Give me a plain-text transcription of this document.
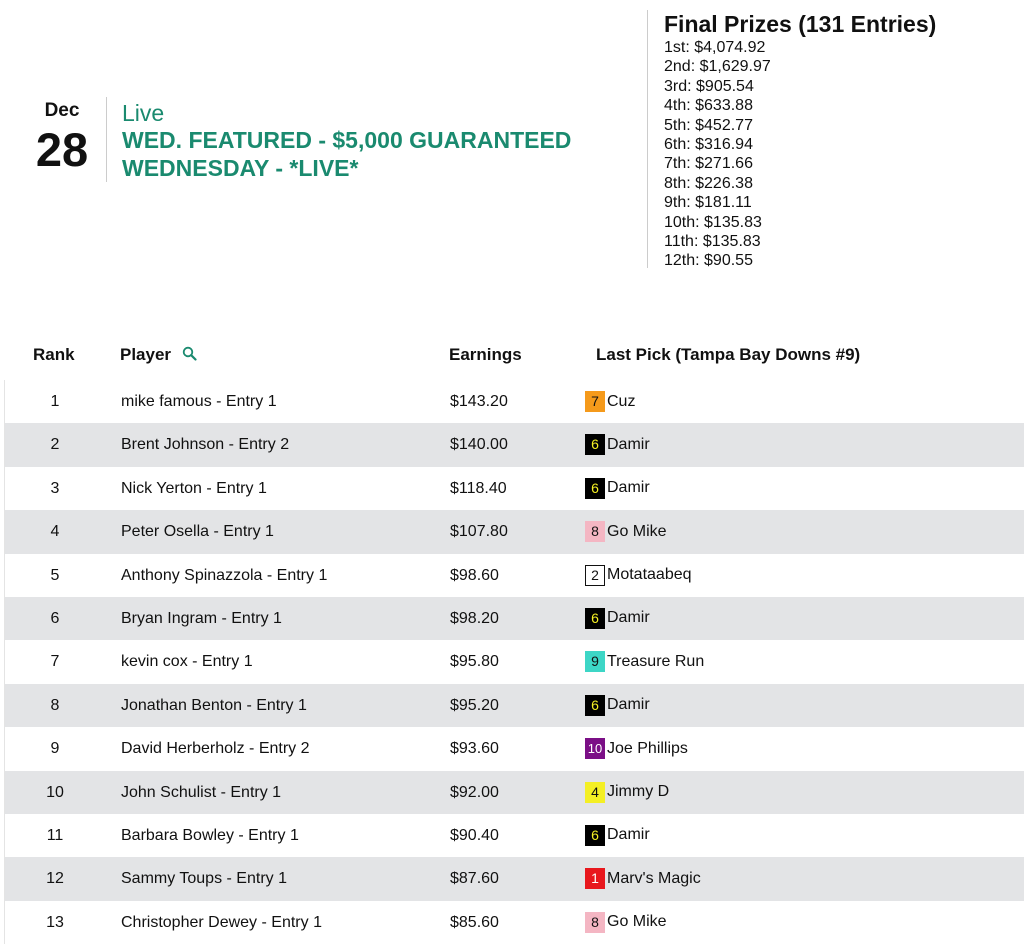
Dec
28
Live
WED. FEATURED - $5,000 GUARANTEED WEDNESDAY - *LIVE*
Final Prizes (131 Entries)
1st: $4,074.92
2nd: $1,629.97
3rd: $905.54
4th: $633.88
5th: $452.77
6th: $316.94
7th: $271.66
8th: $226.38
9th: $181.11
10th: $135.83
11th: $135.83
12th: $90.55
Rank	Player	Earnings	Last Pick (Tampa Bay Downs #9)
1	mike famous - Entry 1	$143.20	7 Cuz
2	Brent Johnson - Entry 2	$140.00	6 Damir
3	Nick Yerton - Entry 1	$118.40	6 Damir
4	Peter Osella - Entry 1	$107.80	8 Go Mike
5	Anthony Spinazzola - Entry 1	$98.60	2 Motataabeq
6	Bryan Ingram - Entry 1	$98.20	6 Damir
7	kevin cox - Entry 1	$95.80	9 Treasure Run
8	Jonathan Benton - Entry 1	$95.20	6 Damir
9	David Herberholz - Entry 2	$93.60	10 Joe Phillips
10	John Schulist - Entry 1	$92.00	4 Jimmy D
11	Barbara Bowley - Entry 1	$90.40	6 Damir
12	Sammy Toups - Entry 1	$87.60	1 Marv's Magic
13	Christopher Dewey - Entry 1	$85.60	8 Go Mike
